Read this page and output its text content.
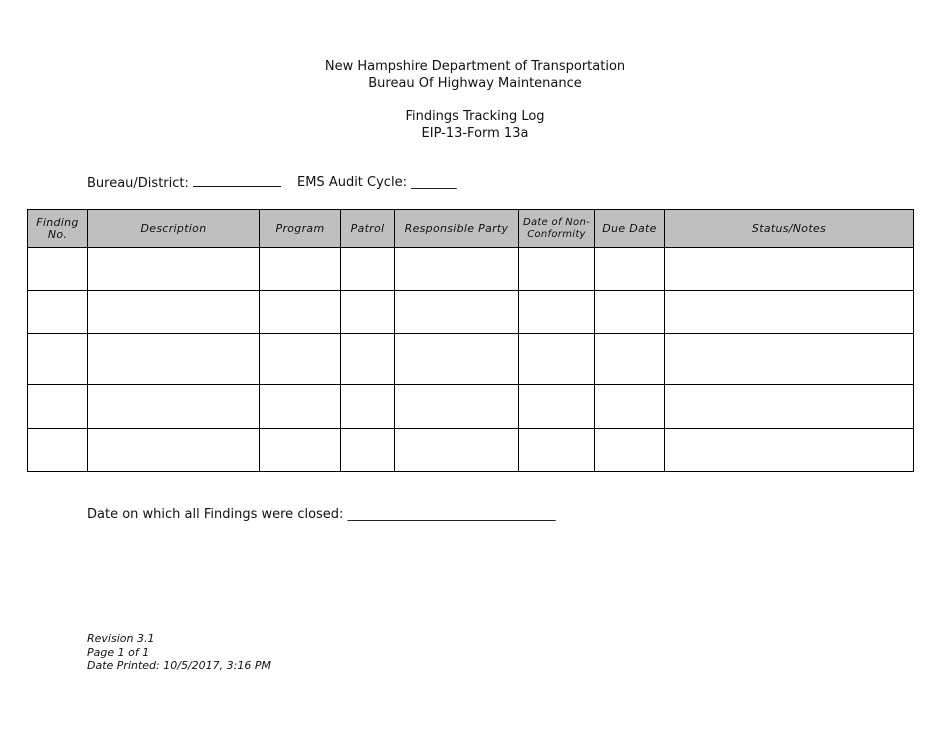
New Hampshire Department of Transportation
Bureau Of Highway Maintenance
Findings Tracking Log
EIP-13-Form 13a
Bureau/District:	EMS Audit Cycle: _______
Finding No.	Description	Program	Patrol	Responsible Party	Date of Non-Conformity	Due Date	Status/Notes

Date on which all Findings were closed: ________________________________
Revision 3.1
Page 1 of 1
Date Printed: 10/5/2017, 3:16 PM
